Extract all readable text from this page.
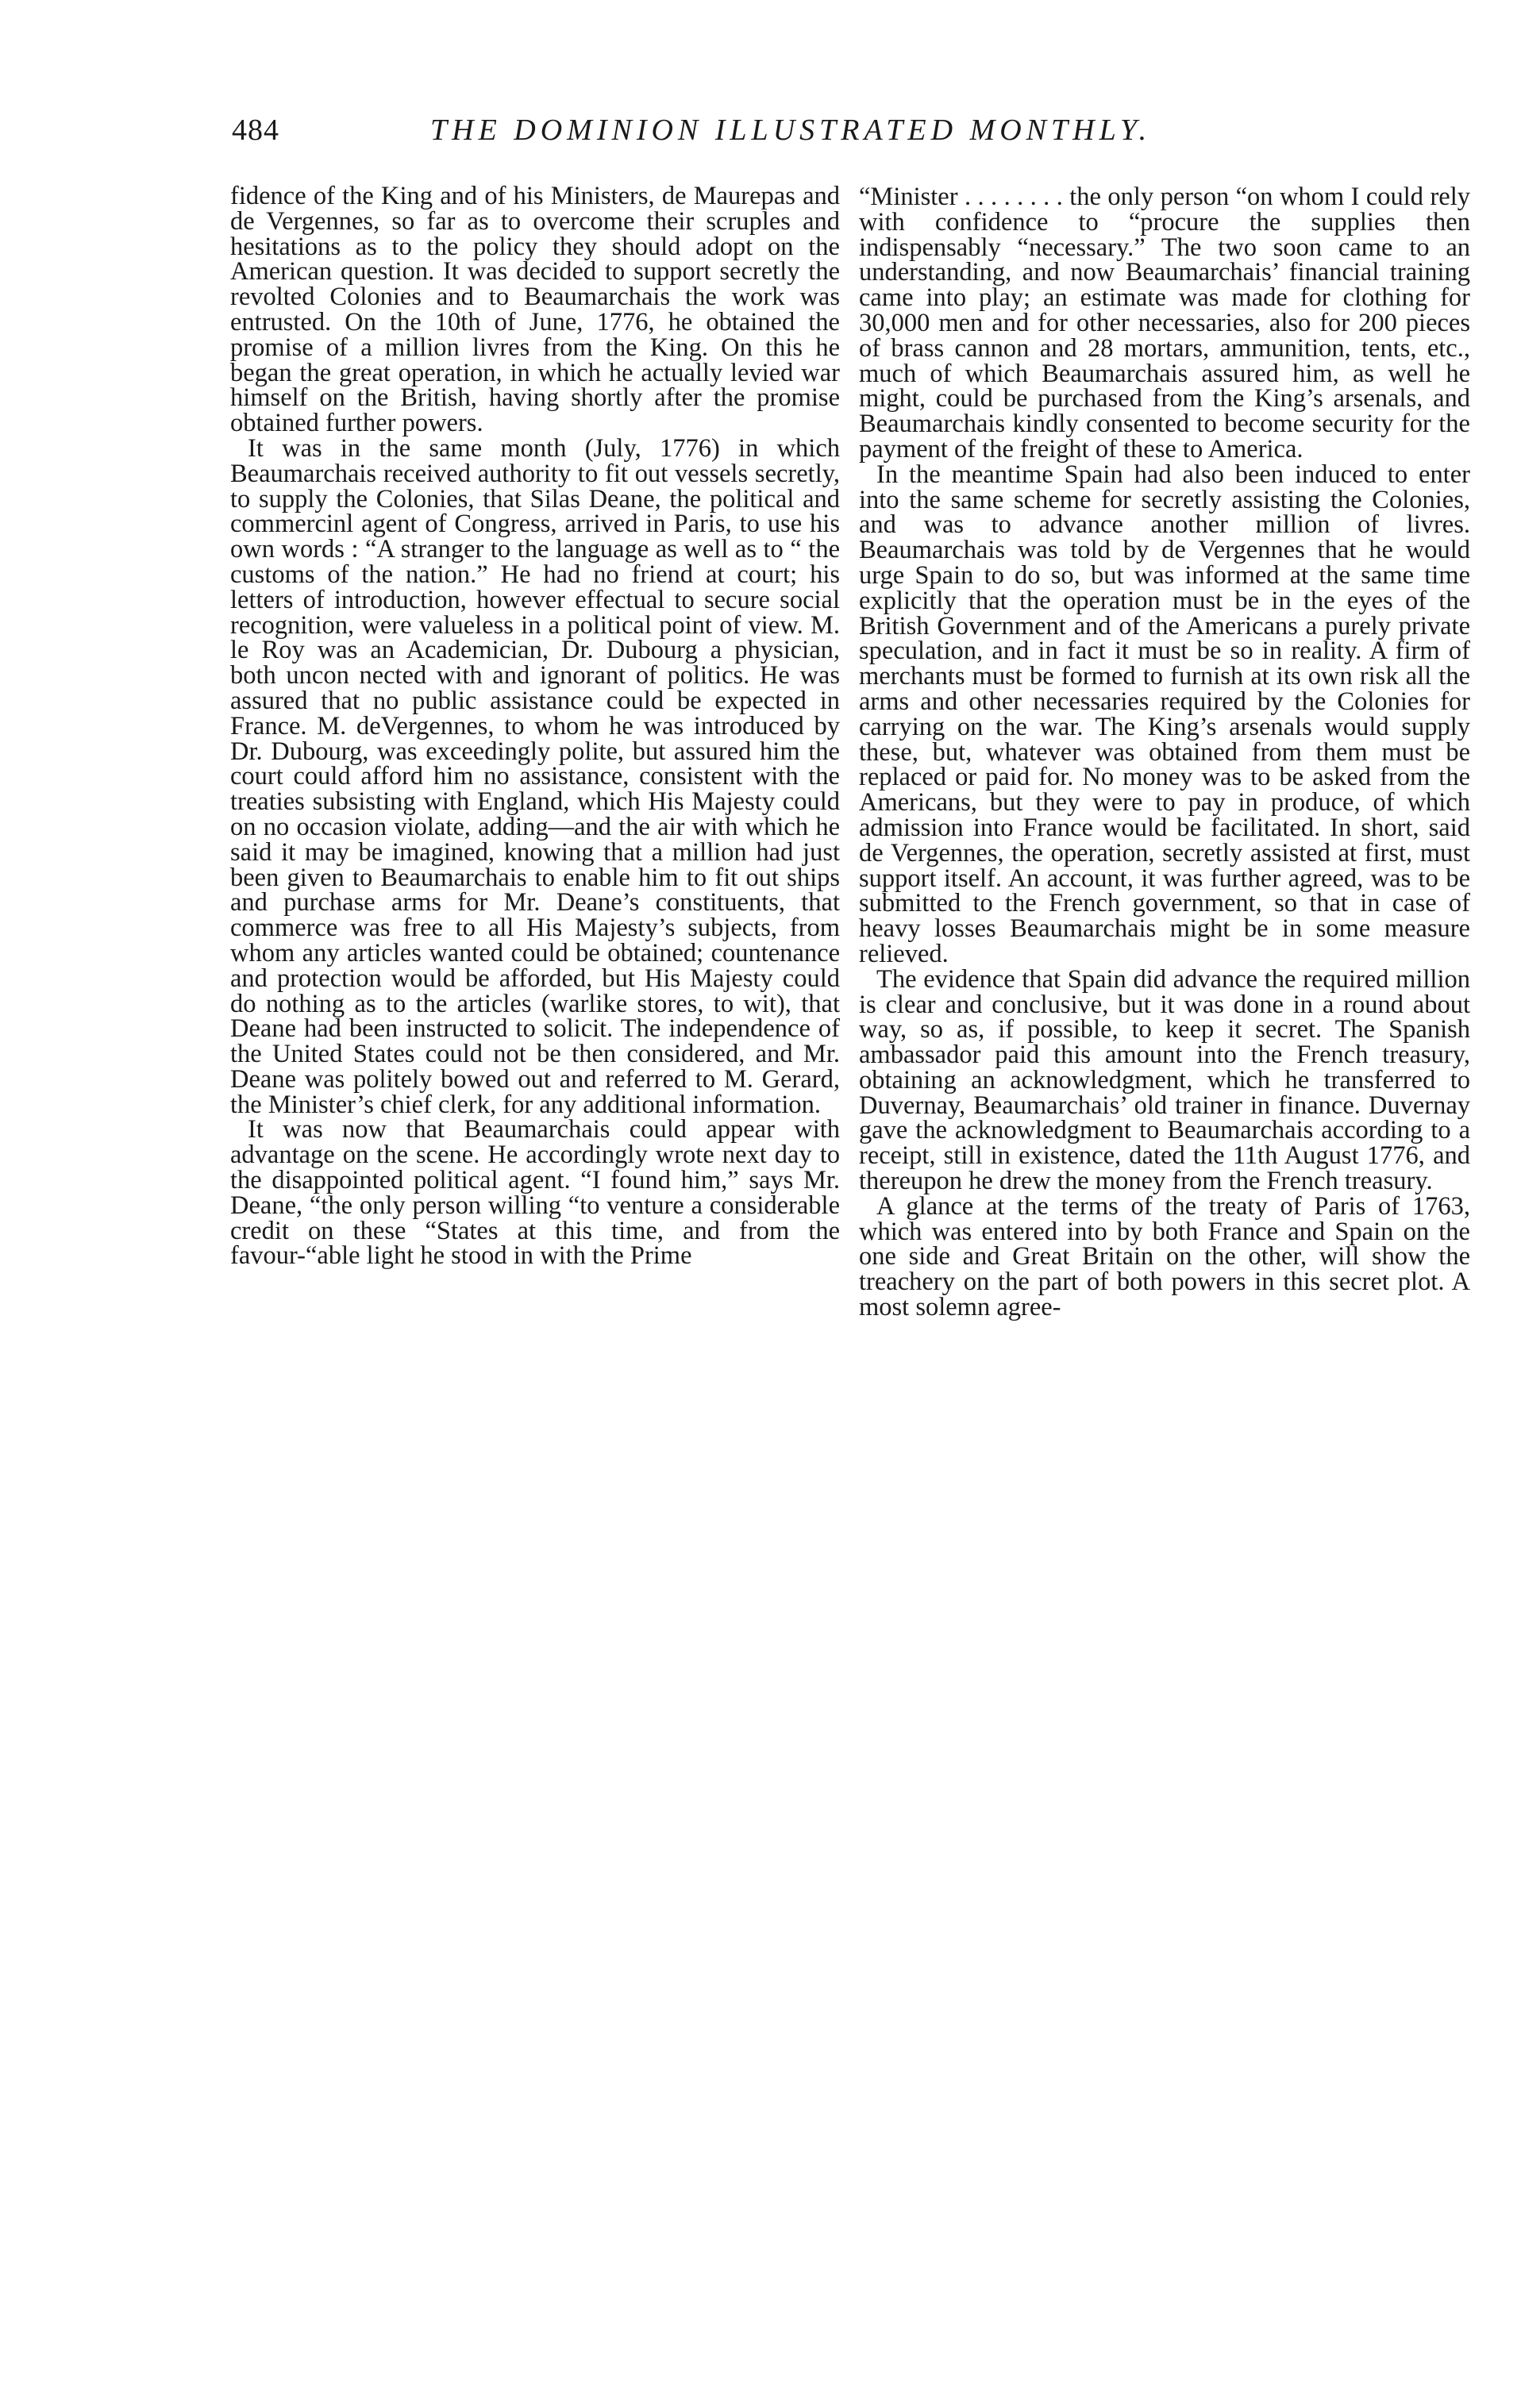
484	THE DOMINION ILLUSTRATED MONTHLY.

fidence of the King and of his Ministers, de Maurepas and de Vergennes, so far as to overcome their scruples and hesitations as to the policy they should adopt on the American question. It was decided to support secretly the revolted Colonies and to Beaumarchais the work was entrusted. On the 10th of June, 1776, he obtained the promise of a million livres from the King. On this he began the great operation, in which he actually levied war himself on the British, having shortly after the promise obtained further powers.

It was in the same month (July, 1776) in which Beaumarchais received authority to fit out vessels secretly, to supply the Colonies, that Silas Deane, the political and commercinl agent of Congress, arrived in Paris, to use his own words : “A stranger to the language as well as to “ the customs of the nation.” He had no friend at court; his letters of introduction, however effectual to secure social recognition, were valueless in a political point of view. M. le Roy was an Academician, Dr. Dubourg a physician, both uncon nected with and ignorant of politics. He was assured that no public assistance could be expected in France. M. deVergennes, to whom he was introduced by Dr. Dubourg, was exceedingly polite, but assured him the court could afford him no assistance, consistent with the treaties subsisting with England, which His Majesty could on no occasion violate, adding—and the air with which he said it may be imagined, knowing that a million had just been given to Beaumarchais to enable him to fit out ships and purchase arms for Mr. Deane’s constituents, that commerce was free to all His Majesty’s subjects, from whom any articles wanted could be obtained; countenance and protection would be afforded, but His Majesty could do nothing as to the articles (warlike stores, to wit), that Deane had been instructed to solicit. The independence of the United States could not be then considered, and Mr. Deane was politely bowed out and referred to M. Gerard, the Minister’s chief clerk, for any additional information.

It was now that Beaumarchais could appear with advantage on the scene. He accordingly wrote next day to the disappointed political agent. “I found him,” says Mr. Deane, “the only person willing “to venture a considerable credit on these “States at this time, and from the favour-“able light he stood in with the Prime

“Minister . . . . . . . . the only person “on whom I could rely with confidence to “procure the supplies then indispensably “necessary.” The two soon came to an understanding, and now Beaumarchais’ financial training came into play; an estimate was made for clothing for 30,000 men and for other necessaries, also for 200 pieces of brass cannon and 28 mortars, ammunition, tents, etc., much of which Beaumarchais assured him, as well he might, could be purchased from the King’s arsenals, and Beaumarchais kindly consented to become security for the payment of the freight of these to America.

In the meantime Spain had also been induced to enter into the same scheme for secretly assisting the Colonies, and was to advance another million of livres. Beaumarchais was told by de Vergennes that he would urge Spain to do so, but was informed at the same time explicitly that the operation must be in the eyes of the British Government and of the Americans a purely private speculation, and in fact it must be so in reality. A firm of merchants must be formed to furnish at its own risk all the arms and other necessaries required by the Colonies for carrying on the war. The King’s arsenals would supply these, but, whatever was obtained from them must be replaced or paid for. No money was to be asked from the Americans, but they were to pay in produce, of which admission into France would be facilitated. In short, said de Vergennes, the operation, secretly assisted at first, must support itself. An account, it was further agreed, was to be submitted to the French government, so that in case of heavy losses Beaumarchais might be in some measure relieved.

The evidence that Spain did advance the required million is clear and conclusive, but it was done in a round about way, so as, if possible, to keep it secret. The Spanish ambassador paid this amount into the French treasury, obtaining an acknowledgment, which he transferred to Duvernay, Beaumarchais’ old trainer in finance. Duvernay gave the acknowledgment to Beaumarchais according to a receipt, still in existence, dated the 11th August 1776, and thereupon he drew the money from the French treasury.

A glance at the terms of the treaty of Paris of 1763, which was entered into by both France and Spain on the one side and Great Britain on the other, will show the treachery on the part of both powers in this secret plot. A most solemn agree-
